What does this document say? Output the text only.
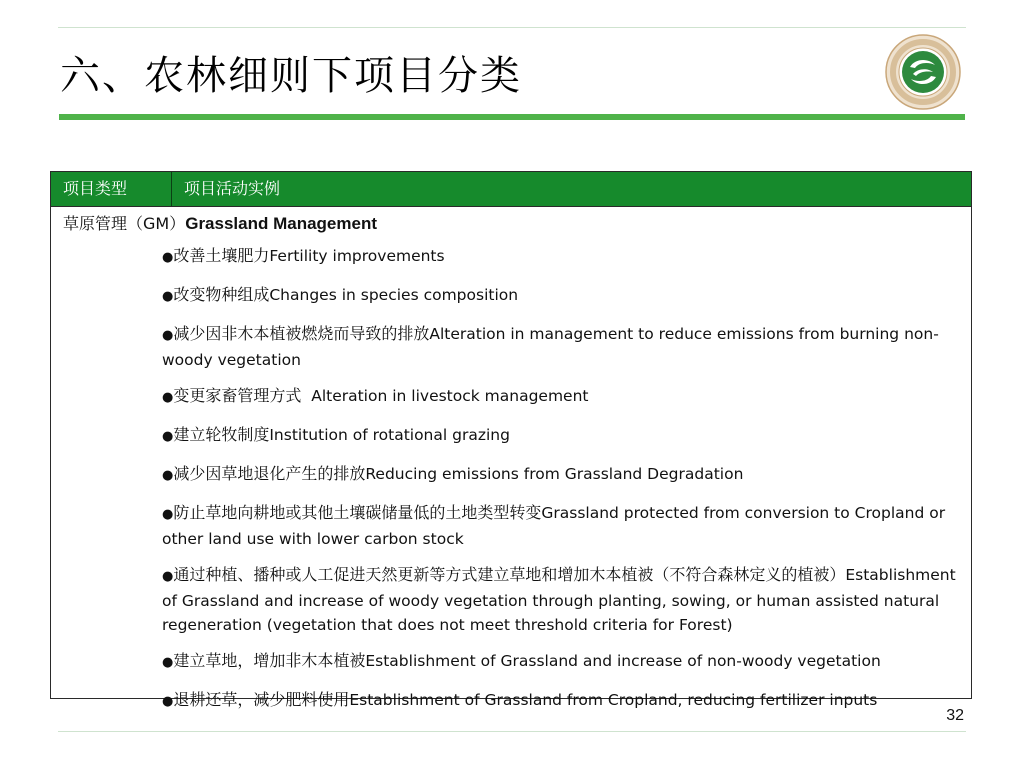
六、农林细则下项目分类
项目类型	项目活动实例
草原管理（GM）Grassland Management
●改善土壤肥力Fertility improvements
●改变物种组成Changes in species composition
●减少因非木本植被燃烧而导致的排放Alteration in management to reduce emissions from burning non-woody vegetation
●变更家畜管理方式  Alteration in livestock management
●建立轮牧制度Institution of rotational grazing
●减少因草地退化产生的排放Reducing emissions from Grassland Degradation
●防止草地向耕地或其他土壤碳储量低的土地类型转变Grassland protected from conversion to Cropland or other land use with lower carbon stock
●通过种植、播种或人工促进天然更新等方式建立草地和增加木本植被（不符合森林定义的植被）Establishment of Grassland and increase of woody vegetation through planting, sowing, or human assisted natural regeneration (vegetation that does not meet threshold criteria for Forest)
●建立草地，增加非木本植被Establishment of Grassland and increase of non-woody vegetation
●退耕还草，减少肥料使用Establishment of Grassland from Cropland, reducing fertilizer inputs
32
